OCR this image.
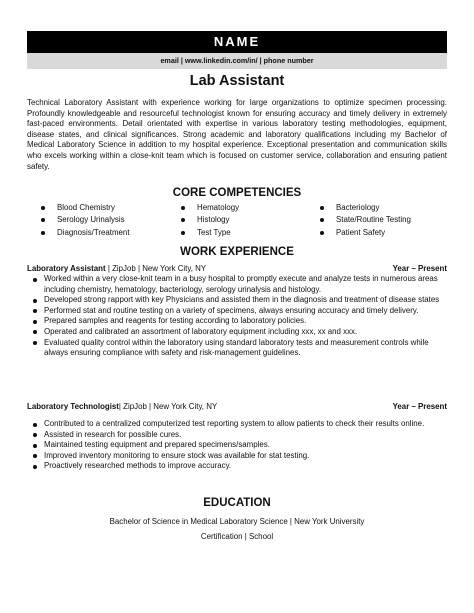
NAME
email | www.linkedin.com/in/ | phone number
Lab Assistant

Technical Laboratory Assistant with experience working for large organizations to optimize specimen processing. Profoundly knowledgeable and resourceful technologist known for ensuring accuracy and timely delivery in extremely fast-paced environments. Detail orientated with expertise in various laboratory testing methodologies, equipment, disease states, and clinical significances. Strong academic and laboratory qualifications including my Bachelor of Medical Laboratory Science in addition to my hospital experience. Exceptional presentation and communication skills who excels working within a close-knit team which is focused on customer service, collaboration and ensuring patient safety.

CORE COMPETENCIES
Blood Chemistry
Serology Urinalysis
Diagnosis/Treatment
Hematology
Histology
Test Type
Bacteriology
State/Routine Testing
Patient Safety
WORK EXPERIENCE
Laboratory Assistant | ZipJob | New York City, NY	Year – Present
Worked within a very close-knit team in a busy hospital to promptly execute and analyze tests in numerous areas including chemistry, hematology, bacteriology, serology urinalysis and histology.
Developed strong rapport with key Physicians and assisted them in the diagnosis and treatment of disease states
Performed stat and routine testing on a variety of specimens, always ensuring accuracy and timely delivery.
Prepared samples and reagents for testing according to laboratory policies.
Operated and calibrated an assortment of laboratory equipment including xxx, xx and xxx.
Evaluated quality control within the laboratory using standard laboratory tests and measurement controls while always ensuring compliance with safety and risk-management guidelines.
Laboratory Technologist| ZipJob | New York City, NY	Year – Present
Contributed to a centralized computerized test reporting system to allow patients to check their results online.
Assisted in research for possible cures.
Maintained testing equipment and prepared specimens/samples.
Improved inventory monitoring to ensure stock was available for stat testing.
Proactively researched methods to improve accuracy.
EDUCATION
Bachelor of Science in Medical Laboratory Science | New York University
Certification | School
